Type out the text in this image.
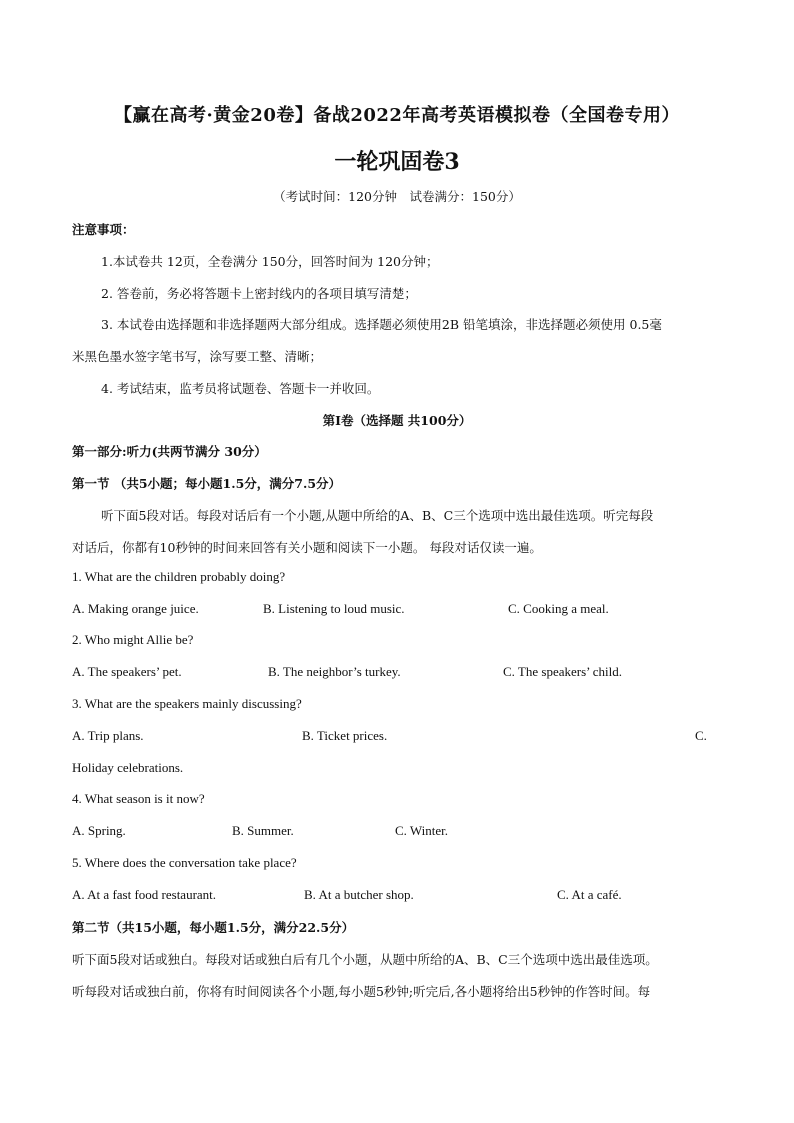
【赢在高考·黄金20卷】备战2022年高考英语模拟卷（全国卷专用）
一轮巩固卷3
（考试时间：120分钟　试卷满分：150分）
注意事项：
1.本试卷共 12页，全卷满分 150分，回答时间为 120分钟；
2. 答卷前，务必将答题卡上密封线内的各项目填写清楚；
3. 本试卷由选择题和非选择题两大部分组成。选择题必须使用2B 铅笔填涂，非选择题必须使用 0.5毫
米黑色墨水签字笔书写，涂写要工整、清晰；
4. 考试结束，监考员将试题卷、答题卡一并收回。
第Ⅰ卷（选择题 共100分）
第一部分:听力(共两节满分 30分）
第一节 （共5小题；每小题1.5分，满分7.5分）
听下面5段对话。每段对话后有一个小题,从题中所给的A、B、C三个选项中选出最佳选项。听完每段
对话后，你都有10秒钟的时间来回答有关小题和阅读下一小题。 每段对话仅读一遍。
1. What are the children probably doing?
A. Making orange juice.	B. Listening to loud music.	C. Cooking a meal.
2. Who might Allie be?
A. The speakers’ pet.	B. The neighbor’s turkey.	C. The speakers’ child.
3. What are the speakers mainly discussing?
A. Trip plans.	B. Ticket prices.	C.
Holiday celebrations.
4. What season is it now?
A. Spring.	B. Summer.	C. Winter.
5. Where does the conversation take place?
A. At a fast food restaurant.	B. At a butcher shop.	C. At a café.
第二节（共15小题，每小题1.5分，满分22.5分）
听下面5段对话或独白。每段对话或独白后有几个小题，从题中所给的A、B、C三个选项中选出最佳选项。
听每段对话或独白前，你将有时间阅读各个小题,每小题5秒钟;听完后,各小题将给出5秒钟的作答时间。每
